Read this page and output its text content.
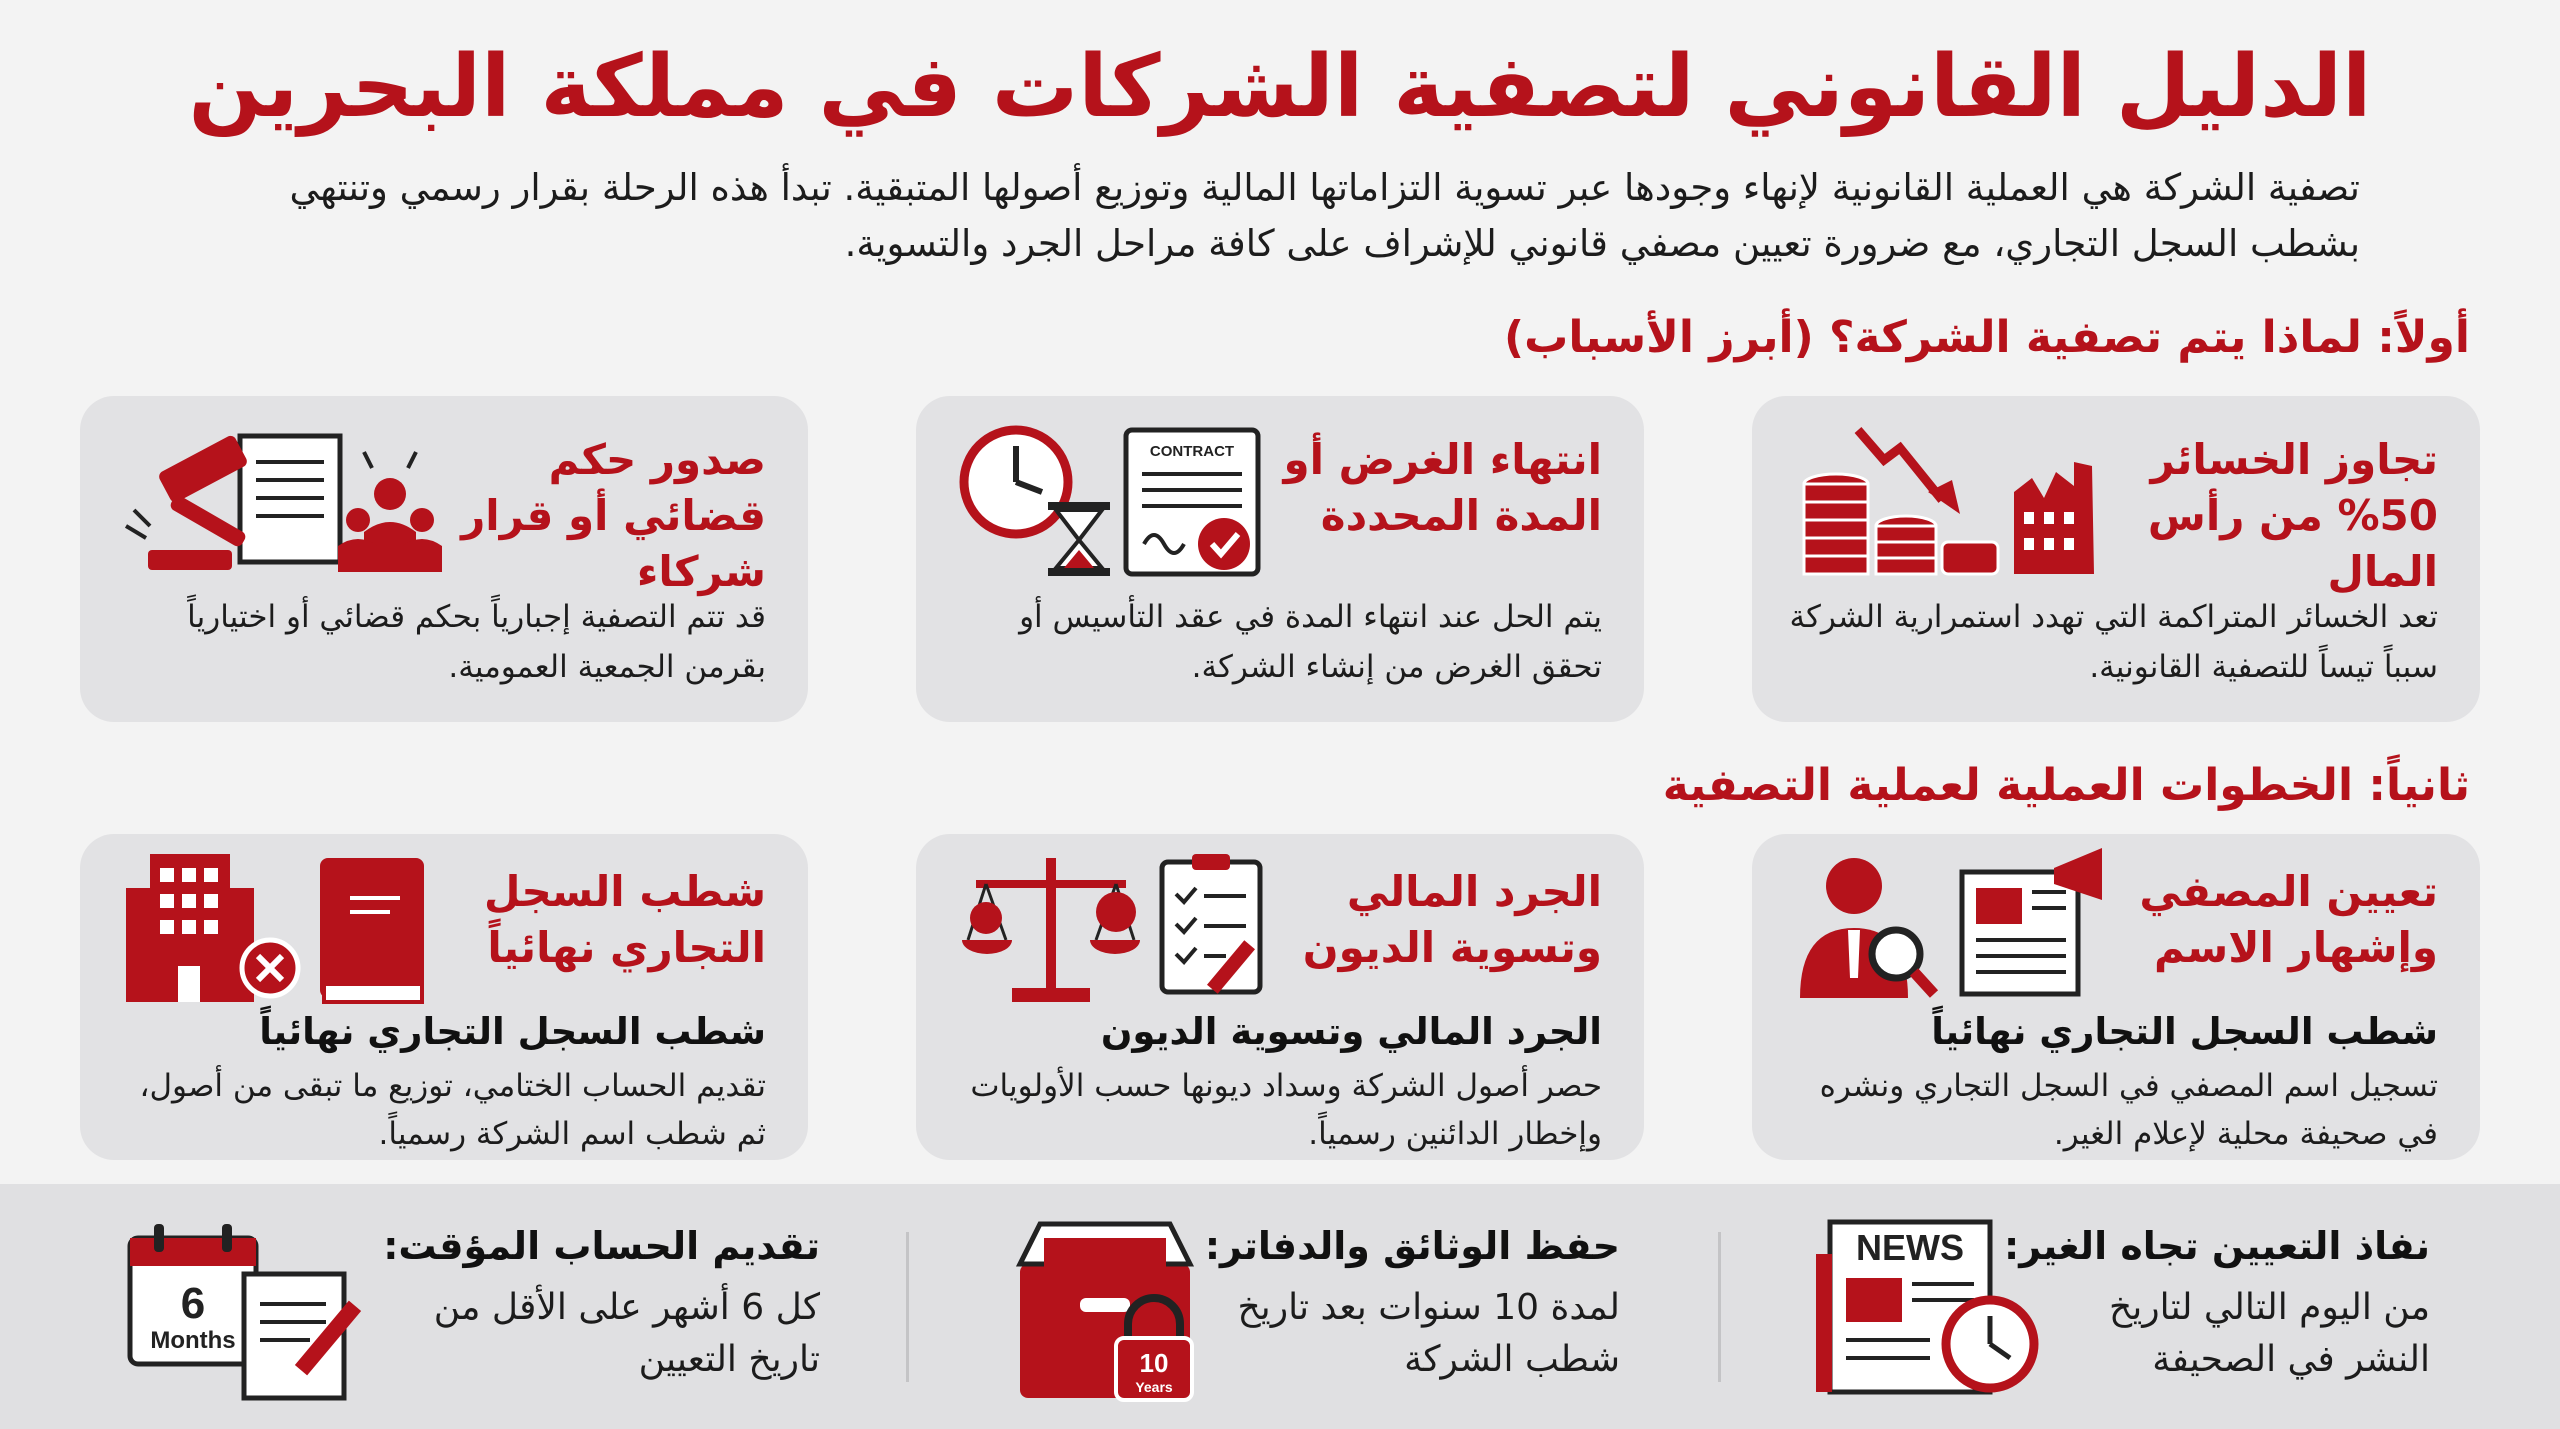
الدليل القانوني لتصفية الشركات في مملكة البحرين
تصفية الشركة هي العملية القانونية لإنهاء وجودها عبر تسوية التزاماتها المالية وتوزيع أصولها المتبقية. تبدأ هذه الرحلة بقرار رسمي وتنتهي بشطب السجل التجاري، مع ضرورة تعيين مصفي قانوني للإشراف على كافة مراحل الجرد والتسوية.
أولاً: لماذا يتم تصفية الشركة؟ (أبرز الأسباب)
تجاوز الخسائر 50% من رأس المال
تعد الخسائر المتراكمة التي تهدد استمرارية الشركة سبباً تيساً للتصفية القانونية.
انتهاء الغرض أو المدة المحددة
يتم الحل عند انتهاء المدة في عقد التأسيس أو تحقق الغرض من إنشاء الشركة.
CONTRACT
صدور حكم قضائي أو قرار شركاء
قد تتم التصفية إجبارياً بحكم قضائي أو اختيارياً بقرمن الجمعية العمومية.
ثانياً: الخطوات العملية لعملية التصفية
تعيين المصفي وإشهار الاسم
شطب السجل التجاري نهائياً
تسجيل اسم المصفي في السجل التجاري ونشره في صحيفة محلية لإعلام الغير.
الجرد المالي وتسوية الديون
الجرد المالي وتسوية الديون
حصر أصول الشركة وسداد ديونها حسب الأولويات وإخطار الدائنين رسمياً.
شطب السجل التجاري نهائياً
شطب السجل التجاري نهائياً
تقديم الحساب الختامي، توزيع ما تبقى من أصول، ثم شطب اسم الشركة رسمياً.
نفاذ التعيين تجاه الغير:
من اليوم التالي لتاريخ النشر في الصحيفة
NEWS
حفظ الوثائق والدفاتر:
لمدة 10 سنوات بعد تاريخ شطب الشركة
10
Years
تقديم الحساب المؤقت:
كل 6 أشهر على الأقل من تاريخ التعيين
6
Months
